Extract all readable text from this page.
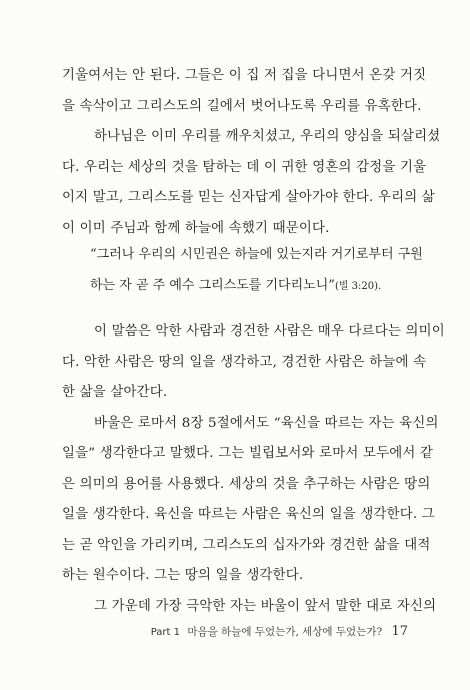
기울여서는 안 된다. 그들은 이 집 저 집을 다니면서 온갖 거짓
을 속삭이고 그리스도의 길에서 벗어나도록 우리를 유혹한다.
하나님은 이미 우리를 깨우치셨고, 우리의 양심을 되살리셨
다. 우리는 세상의 것을 탐하는 데 이 귀한 영혼의 감정을 기울
이지 말고, 그리스도를 믿는 신자답게 살아가야 한다. 우리의 삶
이 이미 주님과 함께 하늘에 속했기 때문이다.
“그러나 우리의 시민권은 하늘에 있는지라 거기로부터 구원
하는 자 곧 주 예수 그리스도를 기다리노니”(빌 3:20).
이 말씀은 악한 사람과 경건한 사람은 매우 다르다는 의미이
다. 악한 사람은 땅의 일을 생각하고, 경건한 사람은 하늘에 속
한 삶을 살아간다.
바울은 로마서 8장 5절에서도 “육신을 따르는 자는 육신의
일을” 생각한다고 말했다. 그는 빌립보서와 로마서 모두에서 같
은 의미의 용어를 사용했다. 세상의 것을 추구하는 사람은 땅의
일을 생각한다. 육신을 따르는 사람은 육신의 일을 생각한다. 그
는 곧 악인을 가리키며, 그리스도의 십자가와 경건한 삶을 대적
하는 원수이다. 그는 땅의 일을 생각한다.
그 가운데 가장 극악한 자는 바울이 앞서 말한 대로 자신의
Part 1 마음을 하늘에 두었는가, 세상에 두었는가? 17
